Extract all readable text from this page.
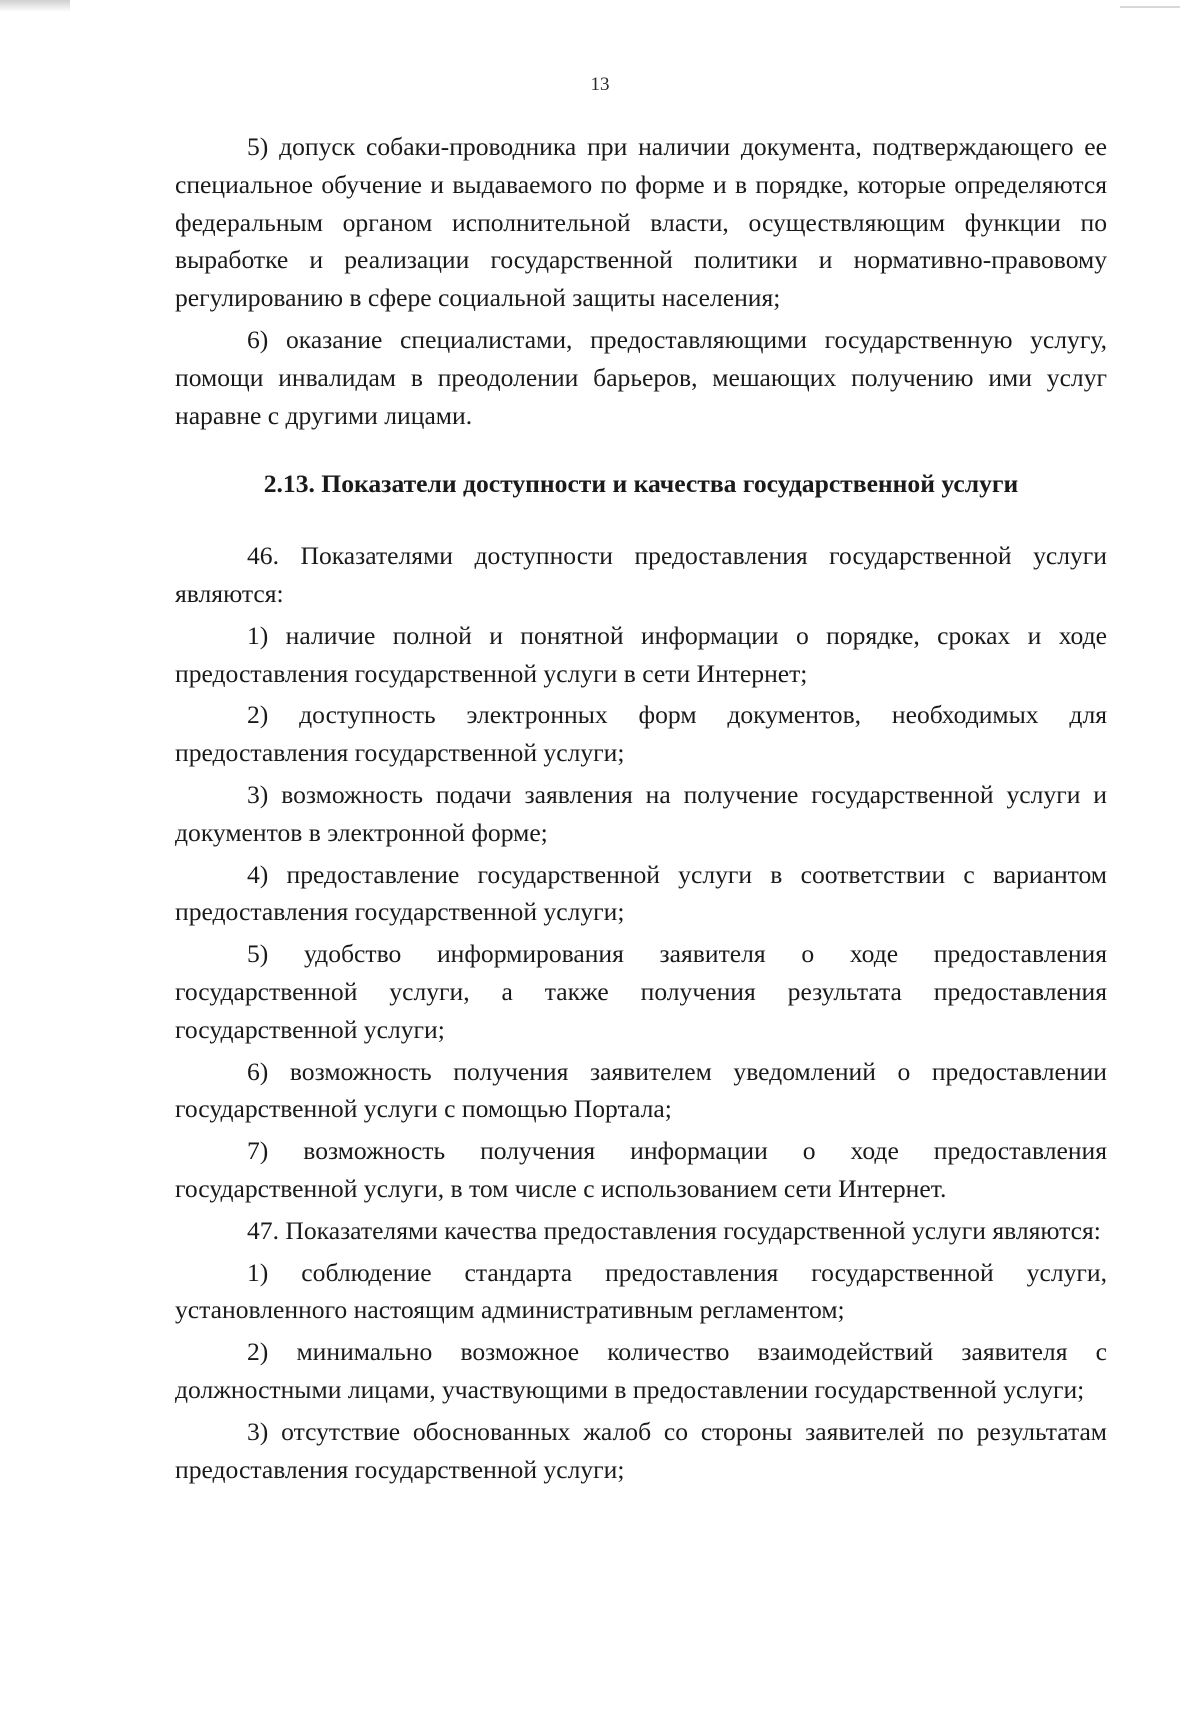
13

5) допуск собаки-проводника при наличии документа, подтверждающего ее специальное обучение и выдаваемого по форме и в порядке, которые определяются федеральным органом исполнительной власти, осуществляющим функции по выработке и реализации государственной политики и нормативно-правовому регулированию в сфере социальной защиты населения;

6) оказание специалистами, предоставляющими государственную услугу, помощи инвалидам в преодолении барьеров, мешающих получению ими услуг наравне с другими лицами.

2.13. Показатели доступности и качества государственной услуги

46. Показателями доступности предоставления государственной услуги являются:

1) наличие полной и понятной информации о порядке, сроках и ходе предоставления государственной услуги в сети Интернет;

2) доступность электронных форм документов, необходимых для предоставления государственной услуги;

3) возможность подачи заявления на получение государственной услуги и документов в электронной форме;

4) предоставление государственной услуги в соответствии с вариантом предоставления государственной услуги;

5) удобство информирования заявителя о ходе предоставления государственной услуги, а также получения результата предоставления государственной услуги;

6) возможность получения заявителем уведомлений о предоставлении государственной услуги с помощью Портала;

7) возможность получения информации о ходе предоставления государственной услуги, в том числе с использованием сети Интернет.

47. Показателями качества предоставления государственной услуги являются:

1) соблюдение стандарта предоставления государственной услуги, установленного настоящим административным регламентом;

2) минимально возможное количество взаимодействий заявителя с должностными лицами, участвующими в предоставлении государственной услуги;

3) отсутствие обоснованных жалоб со стороны заявителей по результатам предоставления государственной услуги;
